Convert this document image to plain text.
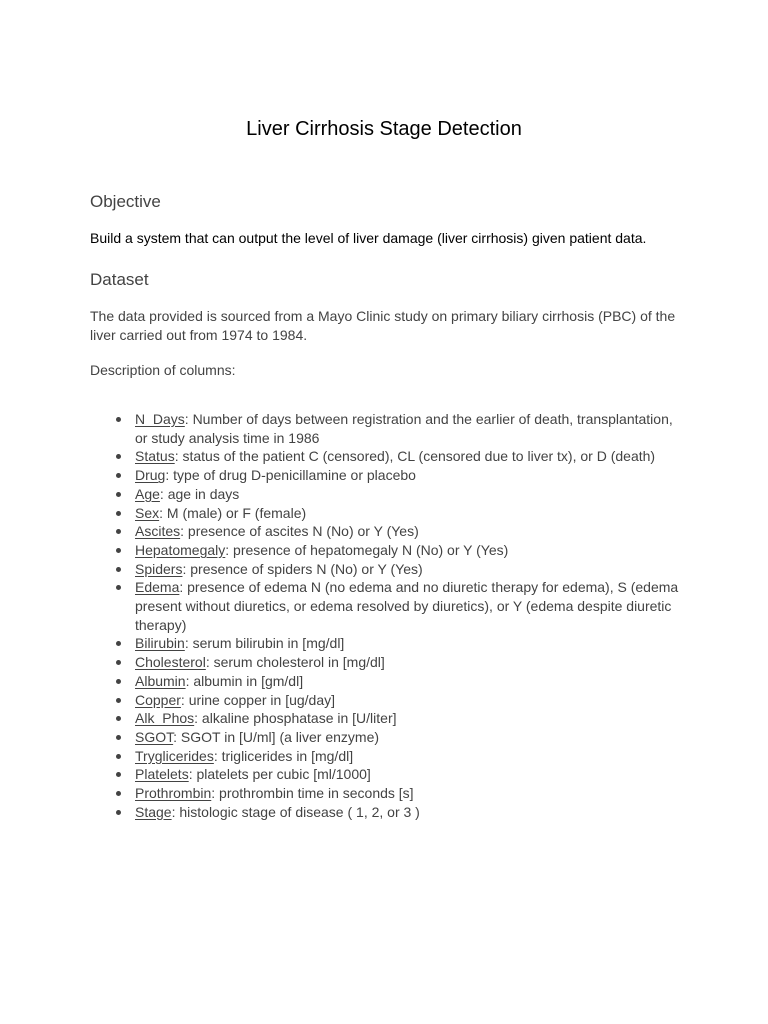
Liver Cirrhosis Stage Detection
Objective

Build a system that can output the level of liver damage (liver cirrhosis) given patient data.

Dataset

The data provided is sourced from a Mayo Clinic study on primary biliary cirrhosis (PBC) of the liver carried out from 1974 to 1984.

Description of columns:

N_Days: Number of days between registration and the earlier of death, transplantation, or study analysis time in 1986
Status: status of the patient C (censored), CL (censored due to liver tx), or D (death)
Drug: type of drug D-penicillamine or placebo
Age: age in days
Sex: M (male) or F (female)
Ascites: presence of ascites N (No) or Y (Yes)
Hepatomegaly: presence of hepatomegaly N (No) or Y (Yes)
Spiders: presence of spiders N (No) or Y (Yes)
Edema: presence of edema N (no edema and no diuretic therapy for edema), S (edema present without diuretics, or edema resolved by diuretics), or Y (edema despite diuretic therapy)
Bilirubin: serum bilirubin in [mg/dl]
Cholesterol: serum cholesterol in [mg/dl]
Albumin: albumin in [gm/dl]
Copper: urine copper in [ug/day]
Alk_Phos: alkaline phosphatase in [U/liter]
SGOT: SGOT in [U/ml] (a liver enzyme)
Tryglicerides: triglicerides in [mg/dl]
Platelets: platelets per cubic [ml/1000]
Prothrombin: prothrombin time in seconds [s]
Stage: histologic stage of disease ( 1, 2, or 3 )
